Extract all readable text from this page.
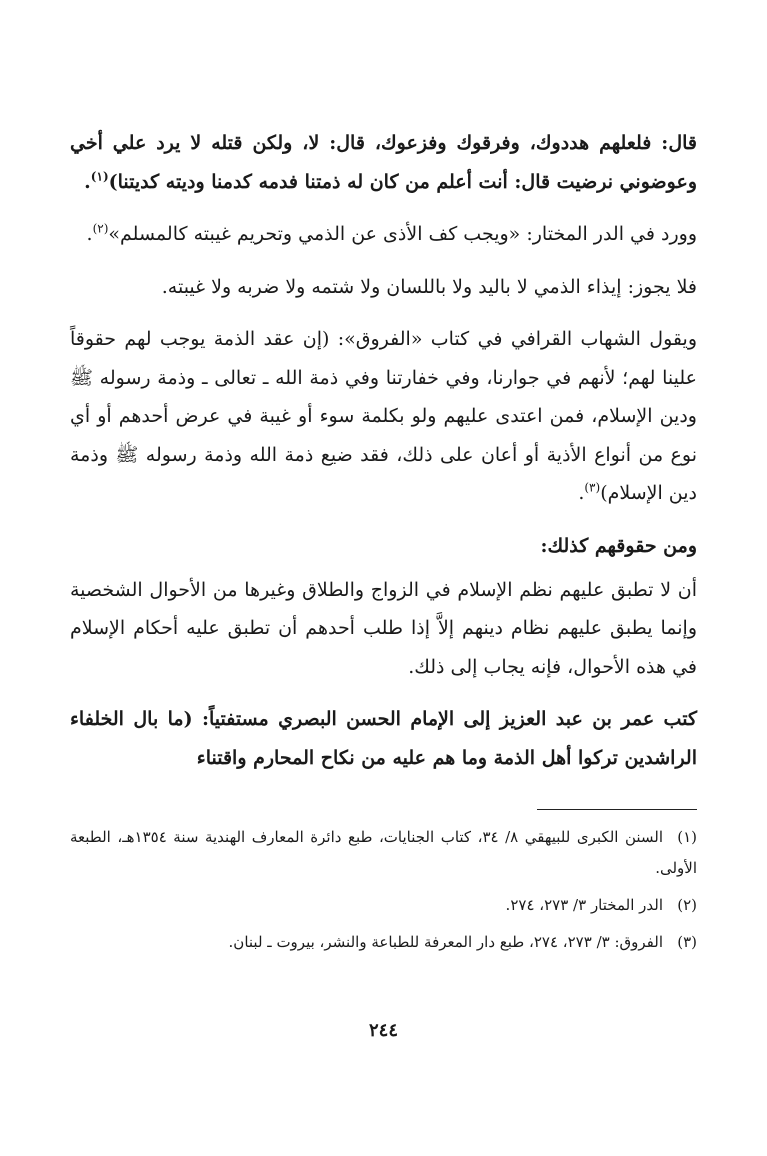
قال: فلعلهم هددوك، وفرقوك وفزعوك، قال: لا، ولكن قتله لا يرد علي أخي وعوضوني نرضيت قال: أنت أعلم من كان له ذمتنا فدمه كدمنا وديته كديتنا)$^{(١)}$.

وورد في الدر المختار: «ويجب كف الأذى عن الذمي وتحريم غيبته كالمسلم»$^{(٢)}$.

فلا يجوز: إيذاء الذمي لا باليد ولا باللسان ولا شتمه ولا ضربه ولا غيبته.

ويقول الشهاب القرافي في كتاب «الفروق»: (إن عقد الذمة يوجب لهم حقوقاً علينا لهم؛ لأنهم في جوارنا، وفي خفارتنا وفي ذمة الله ـ تعالى ـ وذمة رسوله ﷺ ودين الإسلام، فمن اعتدى عليهم ولو بكلمة سوء أو غيبة في عرض أحدهم أو أي نوع من أنواع الأذية أو أعان على ذلك، فقد ضيع ذمة الله وذمة رسوله ﷺ وذمة دين الإسلام)$^{(٣)}$.

ومن حقوقهم كذلك:

أن لا تطبق عليهم نظم الإسلام في الزواج والطلاق وغيرها من الأحوال الشخصية وإنما يطبق عليهم نظام دينهم إلاَّ إذا طلب أحدهم أن تطبق عليه أحكام الإسلام في هذه الأحوال، فإنه يجاب إلى ذلك.

كتب عمر بن عبد العزيز إلى الإمام الحسن البصري مستفتياً: (ما بال الخلفاء الراشدين تركوا أهل الذمة وما هم عليه من نكاح المحارم واقتناء

(١)السنن الكبرى للبيهقي ٨/ ٣٤، كتاب الجنايات، طبع دائرة المعارف الهندية سنة ١٣٥٤هـ، الطبعة الأولى.

(٢)الدر المختار ٣/ ٢٧٣، ٢٧٤.

(٣)الفروق: ٣/ ٢٧٣، ٢٧٤، طبع دار المعرفة للطباعة والنشر، بيروت ـ لبنان.

٢٤٤
